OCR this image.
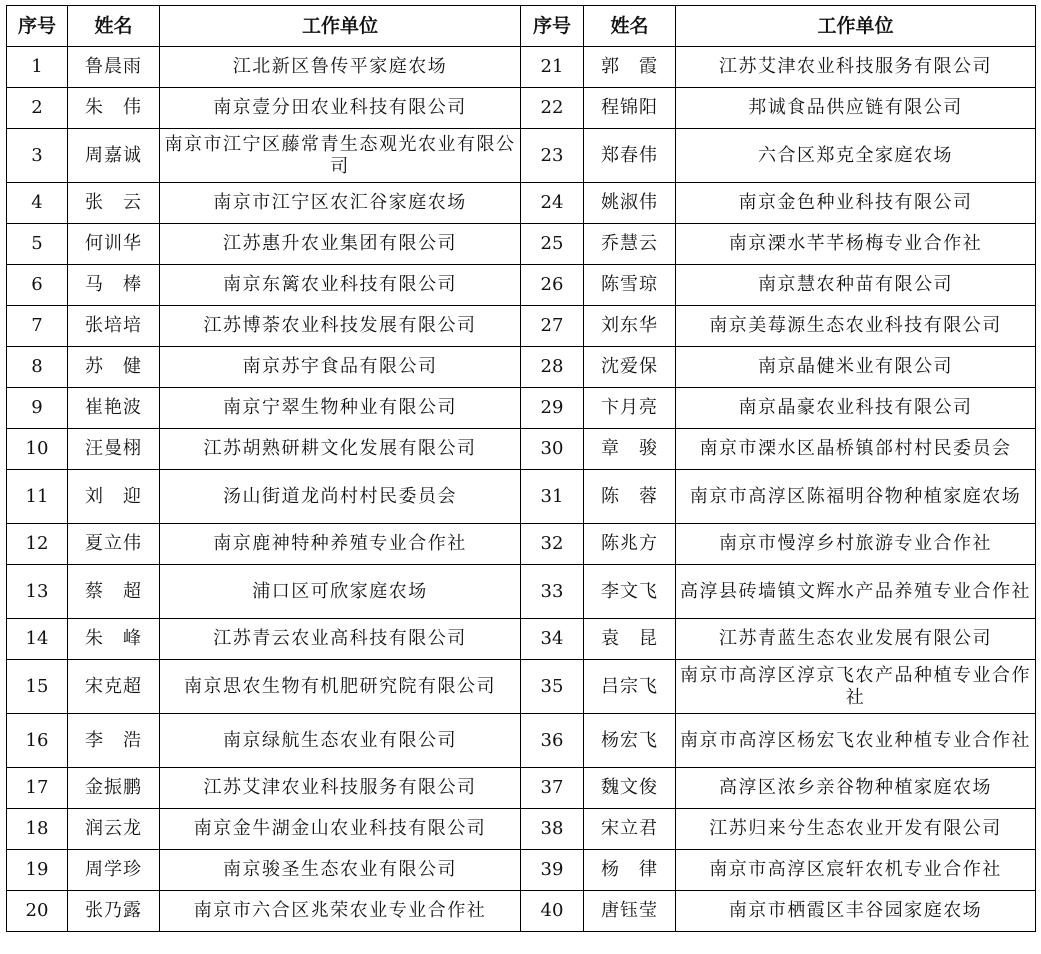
序号	姓名	工作单位	序号	姓名	工作单位
1	鲁晨雨	江北新区鲁传平家庭农场	21	郭　霞	江苏艾津农业科技服务有限公司
2	朱　伟	南京壹分田农业科技有限公司	22	程锦阳	邦诚食品供应链有限公司
3	周嘉诚	南京市江宁区藤常青生态观光农业有限公司	23	郑春伟	六合区郑克全家庭农场
4	张　云	南京市江宁区农汇谷家庭农场	24	姚淑伟	南京金色种业科技有限公司
5	何训华	江苏惠升农业集团有限公司	25	乔慧云	南京溧水芊芊杨梅专业合作社
6	马　棒	南京东篱农业科技有限公司	26	陈雪琼	南京慧农种苗有限公司
7	张培培	江苏博荼农业科技发展有限公司	27	刘东华	南京美莓源生态农业科技有限公司
8	苏　健	南京苏宇食品有限公司	28	沈爱保	南京晶健米业有限公司
9	崔艳波	南京宁翠生物种业有限公司	29	卞月亮	南京晶豪农业科技有限公司
10	汪曼栩	江苏胡熟研耕文化发展有限公司	30	章　骏	南京市溧水区晶桥镇郃村村民委员会
11	刘　迎	汤山街道龙尚村村民委员会	31	陈　蓉	南京市高淳区陈福明谷物种植家庭农场
12	夏立伟	南京鹿神特种养殖专业合作社	32	陈兆方	南京市慢淳乡村旅游专业合作社
13	蔡　超	浦口区可欣家庭农场	33	李文飞	高淳县砖墙镇文辉水产品养殖专业合作社
14	朱　峰	江苏青云农业高科技有限公司	34	袁　昆	江苏青蓝生态农业发展有限公司
15	宋克超	南京思农生物有机肥研究院有限公司	35	吕宗飞	南京市高淳区淳京飞农产品种植专业合作社
16	李　浩	南京绿航生态农业有限公司	36	杨宏飞	南京市高淳区杨宏飞农业种植专业合作社
17	金振鹏	江苏艾津农业科技服务有限公司	37	魏文俊	高淳区浓乡亲谷物种植家庭农场
18	润云龙	南京金牛湖金山农业科技有限公司	38	宋立君	江苏归来兮生态农业开发有限公司
19	周学珍	南京骏圣生态农业有限公司	39	杨　律	南京市高淳区宸轩农机专业合作社
20	张乃露	南京市六合区兆荣农业专业合作社	40	唐钰莹	南京市栖霞区丰谷园家庭农场
